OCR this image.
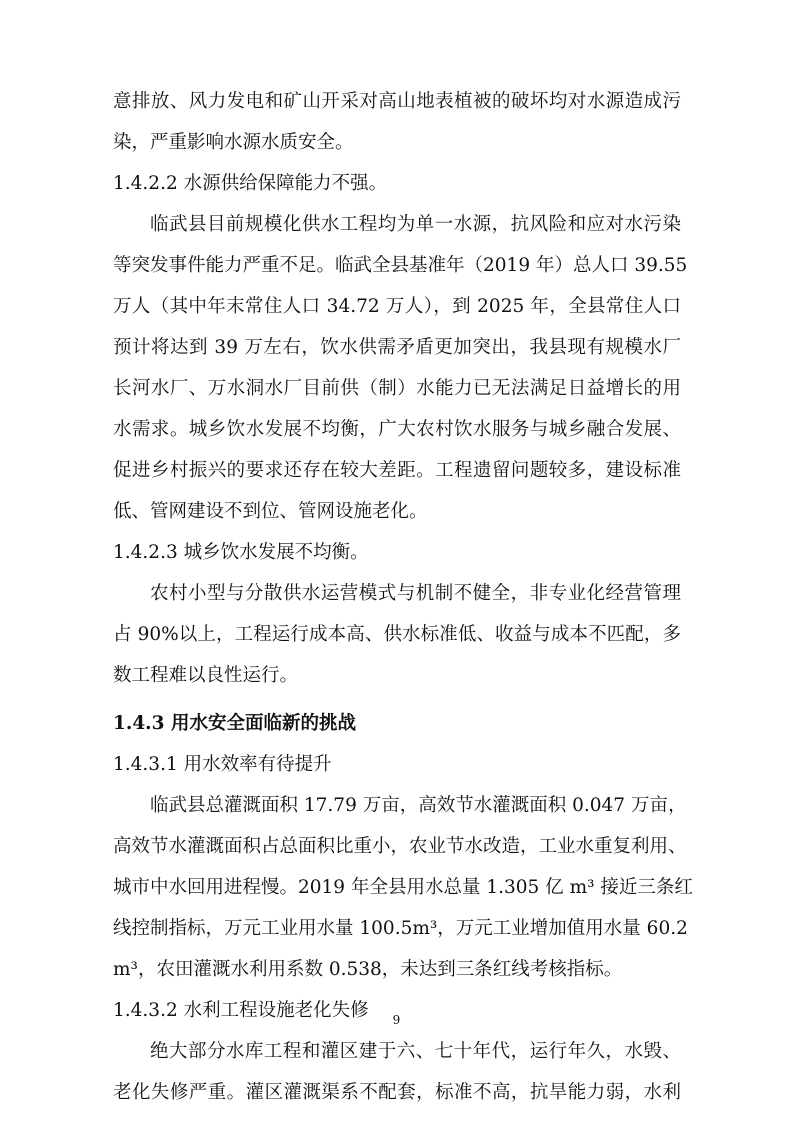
意排放、风力发电和矿山开采对高山地表植被的破坏均对水源造成污

染，严重影响水源水质安全。

1.4.2.2 水源供给保障能力不强。

临武县目前规模化供水工程均为单一水源，抗风险和应对水污染

等突发事件能力严重不足。临武全县基准年（2019 年）总人口 39.55

万人（其中年末常住人口 34.72 万人），到 2025 年，全县常住人口

预计将达到 39 万左右，饮水供需矛盾更加突出，我县现有规模水厂

长河水厂、万水洞水厂目前供（制）水能力已无法满足日益增长的用

水需求。城乡饮水发展不均衡，广大农村饮水服务与城乡融合发展、

促进乡村振兴的要求还存在较大差距。工程遗留问题较多，建设标准

低、管网建设不到位、管网设施老化。

1.4.2.3 城乡饮水发展不均衡。

农村小型与分散供水运营模式与机制不健全，非专业化经营管理

占 90%以上，工程运行成本高、供水标准低、收益与成本不匹配，多

数工程难以良性运行。

1.4.3 用水安全面临新的挑战

1.4.3.1 用水效率有待提升

临武县总灌溉面积 17.79 万亩，高效节水灌溉面积 0.047 万亩，

高效节水灌溉面积占总面积比重小，农业节水改造，工业水重复利用、

城市中水回用进程慢。2019 年全县用水总量 1.305 亿 m³ 接近三条红

线控制指标，万元工业用水量 100.5m³，万元工业增加值用水量 60.2

m³，农田灌溉水利用系数 0.538，未达到三条红线考核指标。

1.4.3.2 水利工程设施老化失修

绝大部分水库工程和灌区建于六、七十年代，运行年久，水毁、

老化失修严重。灌区灌溉渠系不配套，标准不高，抗旱能力弱，水利

9
